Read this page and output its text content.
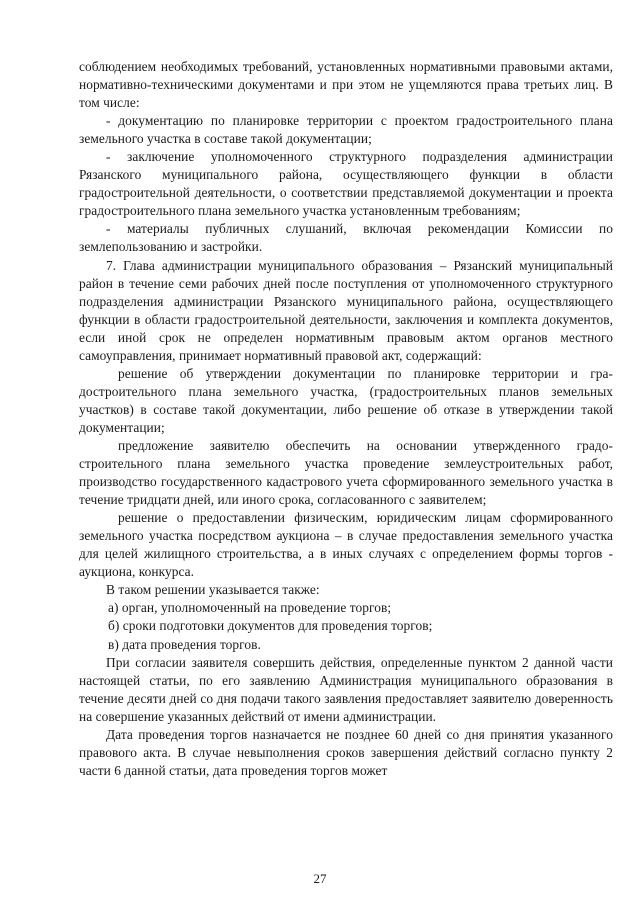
соблюдением необходимых требований, установленных нормативными правовыми актами, нормативно-техническими документами и при этом не ущемляются права третьих лиц. В том числе:

- документацию по планировке территории с проектом градостроительного плана земельного участка в составе такой документации;

- заключение уполномоченного структурного подразделения администрации Рязанского муниципального района, осуществляющего функции в области градостроительной деятельности, о соответствии представляемой документации и проекта градостроительного плана земельного участка установленным требованиям;

- материалы публичных слушаний, включая рекомендации Комиссии по землепользованию и застройки.

7. Глава администрации муниципального образования – Рязанский муниципальный район в течение семи рабочих дней после поступления от уполномоченного структурного подразделения администрации Рязанского муниципального района, осуществляющего функции в области градостроительной деятельности, заключения и комплекта документов, если иной срок не определен нормативным правовым актом органов местного самоуправления, принимает нормативный правовой акт, содержащий:

решение об утверждении документации по планировке территории и градостроительного плана земельного участка, (градостроительных планов земельных участков) в составе такой документации, либо решение об отказе в утверждении такой документации;

предложение заявителю обеспечить на основании утвержденного градостроительного плана земельного участка проведение землеустроительных работ, производство государственного кадастрового учета сформированного земельного участка в течение тридцати дней, или иного срока, согласованного с заявителем;

решение о предоставлении физическим, юридическим лицам сформированного земельного участка посредством аукциона – в случае предоставления земельного участка для целей жилищного строительства, а в иных случаях с определением формы торгов - аукциона, конкурса.

В таком решении указывается также:

а) орган, уполномоченный на проведение торгов;

б) сроки подготовки документов для проведения торгов;

в) дата проведения торгов.

При согласии заявителя совершить действия, определенные пунктом 2 данной части настоящей статьи, по его заявлению Администрация муниципального образования в течение десяти дней со дня подачи такого заявления предоставляет заявителю доверенность на совершение указанных действий от имени администрации.

Дата проведения торгов назначается не позднее 60 дней со дня принятия указанного правового акта. В случае невыполнения сроков завершения действий согласно пункту 2 части 6 данной статьи, дата проведения торгов может

27
